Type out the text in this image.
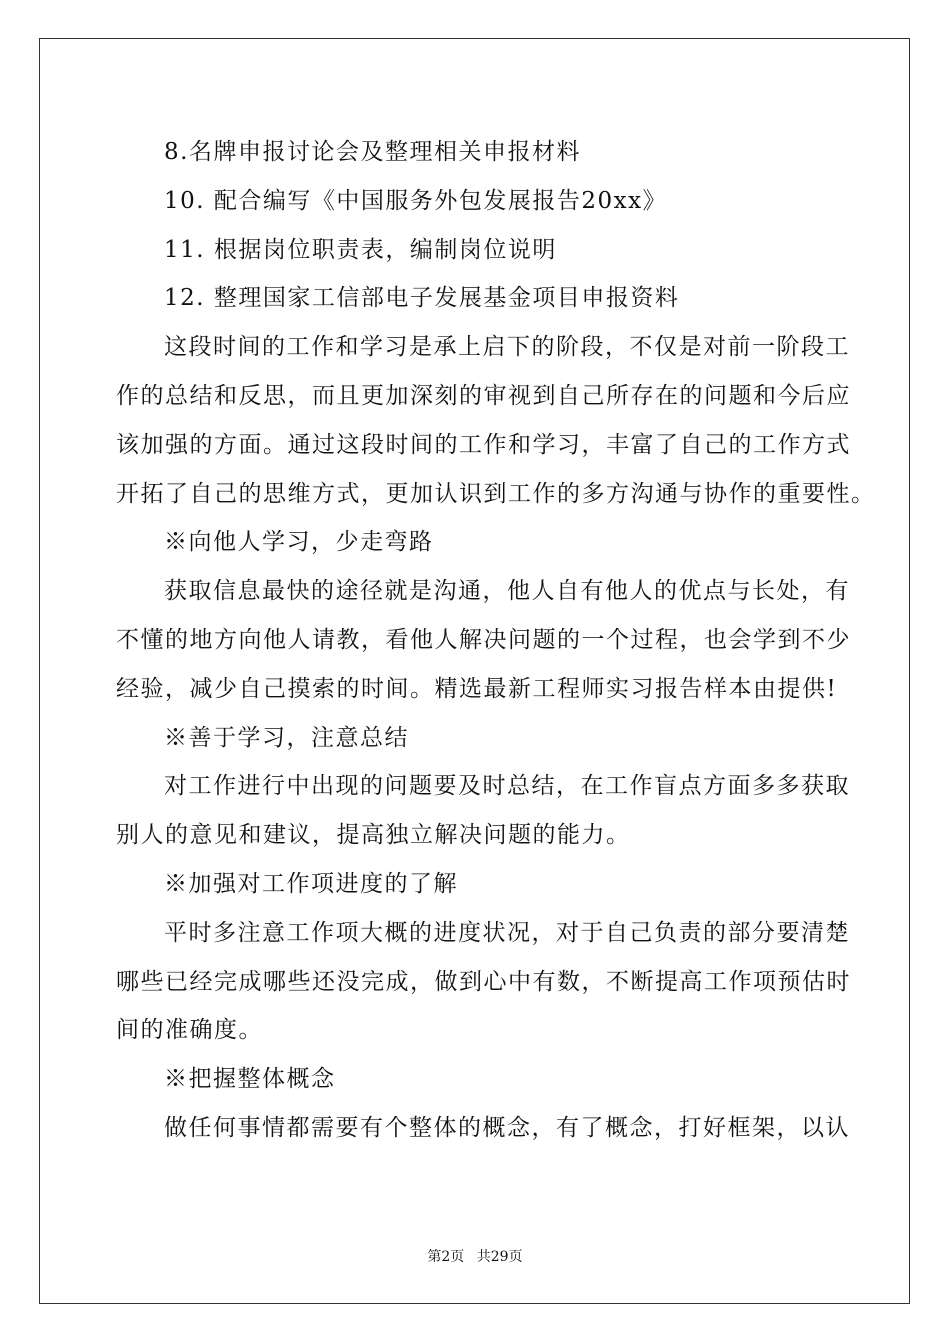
8.名牌申报讨论会及整理相关申报材料
10. 配合编写《中国服务外包发展报告20xx》
11. 根据岗位职责表，编制岗位说明
12. 整理国家工信部电子发展基金项目申报资料
这段时间的工作和学习是承上启下的阶段，不仅是对前一阶段工
作的总结和反思，而且更加深刻的审视到自己所存在的问题和今后应
该加强的方面。通过这段时间的工作和学习，丰富了自己的工作方式
开拓了自己的思维方式，更加认识到工作的多方沟通与协作的重要性。
※向他人学习，少走弯路
获取信息最快的途径就是沟通，他人自有他人的优点与长处，有
不懂的地方向他人请教，看他人解决问题的一个过程，也会学到不少
经验，减少自己摸索的时间。精选最新工程师实习报告样本由提供!
※善于学习，注意总结
对工作进行中出现的问题要及时总结，在工作盲点方面多多获取
别人的意见和建议，提高独立解决问题的能力。
※加强对工作项进度的了解
平时多注意工作项大概的进度状况，对于自己负责的部分要清楚
哪些已经完成哪些还没完成，做到心中有数，不断提高工作项预估时
间的准确度。
※把握整体概念
做任何事情都需要有个整体的概念，有了概念，打好框架，以认
第2页 共29页
